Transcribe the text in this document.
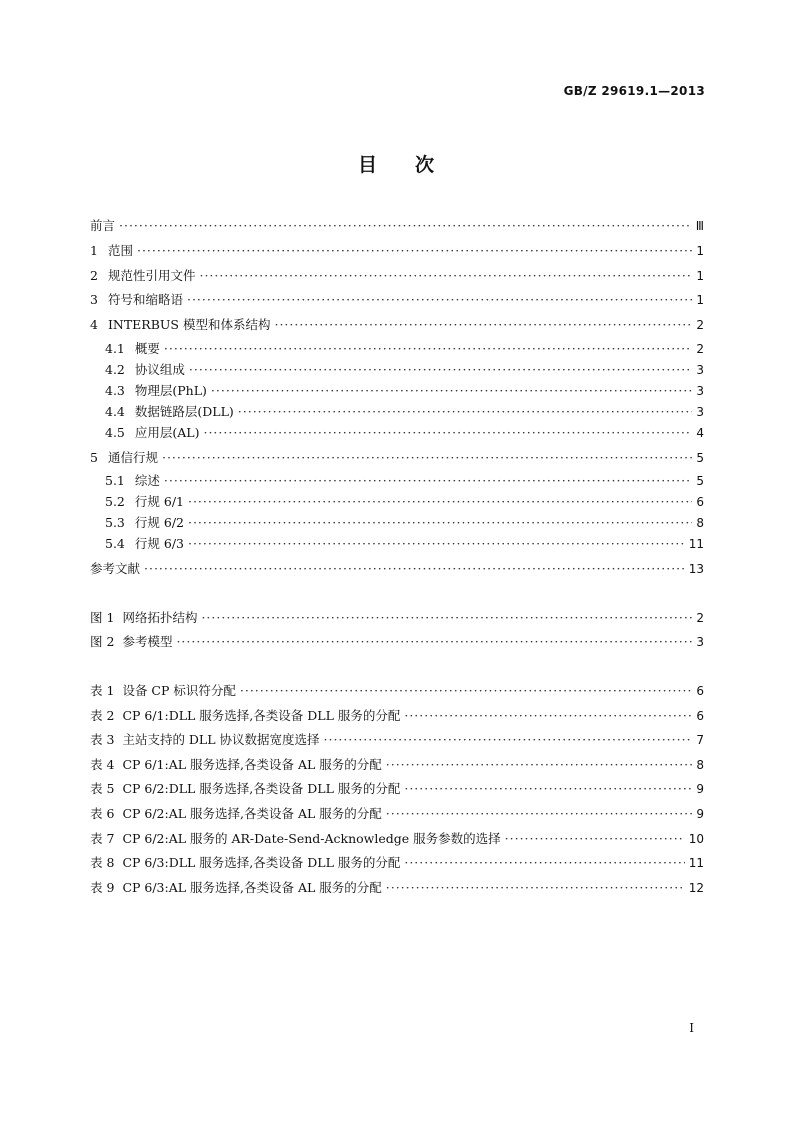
GB/Z 29619.1—2013
目 次
前言 ·····	Ⅲ
1 范围 ·····	1
2 规范性引用文件 ·····	1
3 符号和缩略语 ·····	1
4 INTERBUS 模型和体系结构 ·····	2
4.1 概要 ·····	2
4.2 协议组成 ·····	3
4.3 物理层(PhL) ·····	3
4.4 数据链路层(DLL) ·····	3
4.5 应用层(AL) ·····	4
5 通信行规 ·····	5
5.1 综述 ·····	5
5.2 行规 6/1 ·····	6
5.3 行规 6/2 ·····	8
5.4 行规 6/3 ·····	11
参考文献 ·····	13
图 1 网络拓扑结构 ·····	2
图 2 参考模型 ·····	3
表 1 设备 CP 标识符分配 ·····	6
表 2 CP 6/1:DLL 服务选择,各类设备 DLL 服务的分配 ·····	6
表 3 主站支持的 DLL 协议数据宽度选择 ·····	7
表 4 CP 6/1:AL 服务选择,各类设备 AL 服务的分配 ·····	8
表 5 CP 6/2:DLL 服务选择,各类设备 DLL 服务的分配 ·····	9
表 6 CP 6/2:AL 服务选择,各类设备 AL 服务的分配 ·····	9
表 7 CP 6/2:AL 服务的 AR-Date-Send-Acknowledge 服务参数的选择 ·····	10
表 8 CP 6/3:DLL 服务选择,各类设备 DLL 服务的分配 ·····	11
表 9 CP 6/3:AL 服务选择,各类设备 AL 服务的分配 ·····	12
I
